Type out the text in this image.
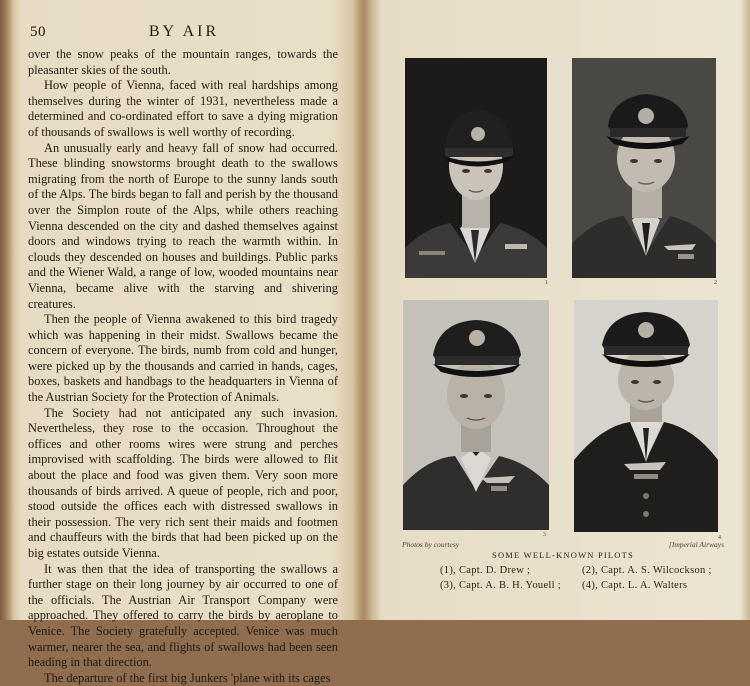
50	BY AIR

over the snow peaks of the mountain ranges, towards the pleasanter skies of the south.

How people of Vienna, faced with real hardships among themselves during the winter of 1931, nevertheless made a determined and co-ordinated effort to save a dying migration of thousands of swallows is well worthy of recording.

An unusually early and heavy fall of snow had occurred. These blinding snowstorms brought death to the swallows migrating from the north of Europe to the sunny lands south of the Alps. The birds began to fall and perish by the thousand over the Simplon route of the Alps, while others reaching Vienna descended on the city and dashed themselves against doors and windows trying to reach the warmth within. In clouds they descended on houses and buildings. Public parks and the Wiener Wald, a range of low, wooded mountains near Vienna, became alive with the starving and shivering creatures.

Then the people of Vienna awakened to this bird tragedy which was happening in their midst. Swallows became the concern of everyone. The birds, numb from cold and hunger, were picked up by the thousands and carried in hands, cages, boxes, baskets and handbags to the headquarters in Vienna of the Austrian Society for the Protection of Animals.

The Society had not anticipated any such invasion. Nevertheless, they rose to the occasion. Throughout the offices and other rooms wires were strung and perches improvised with scaffolding. The birds were allowed to flit about the place and food was given them. Very soon more thousands of birds arrived. A queue of people, rich and poor, stood outside the offices each with distressed swallows in their possession. The very rich sent their maids and footmen and chauffeurs with the birds that had been picked up on the big estates outside Vienna.

It was then that the idea of transporting the swallows a further stage on their long journey by air occurred to one of the officials. The Austrian Air Transport Company were approached. They offered to carry the birds by aeroplane to Venice. The Society gratefully accepted. Venice was much warmer, nearer the sea, and flights of swallows had been seen heading in that direction.

The departure of the first big Junkers 'plane with its cages

1	2
3	4
Photos by courtesy	[Imperial Airways
SOME WELL-KNOWN PILOTS
(1), Capt. D. Drew ;	(2), Capt. A. S. Wilcockson ;
(3), Capt. A. B. H. Youell ; (4), Capt. L. A. Walters
